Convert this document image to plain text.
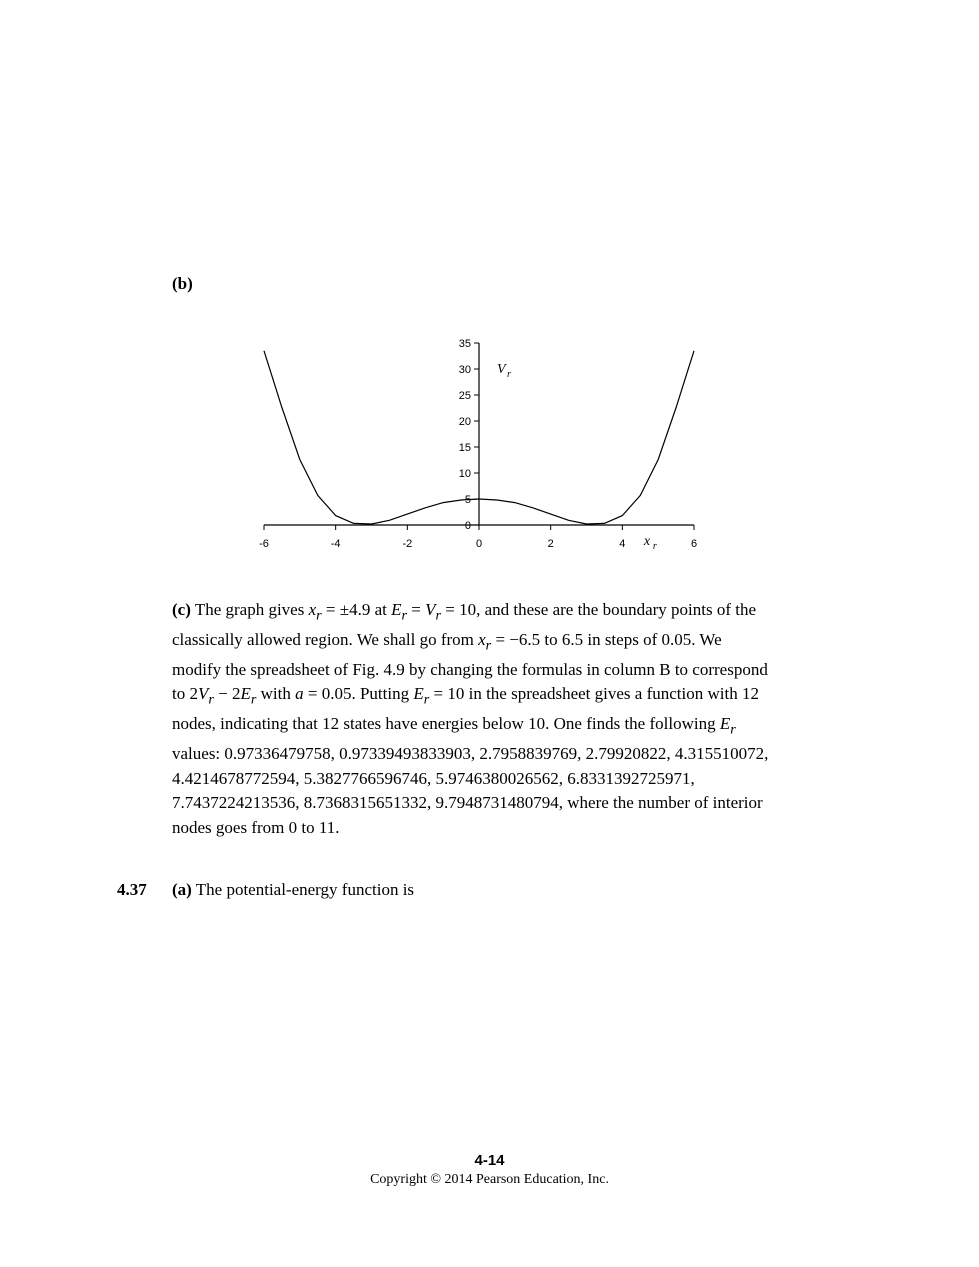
(b)
-6	-4	-2	0	2	4	6
0
5
10
15
20
25
30
35
V r
x r
(c) The graph gives $x_r = \pm 4.9$ at $E_r = V_r = 10$, and these are the boundary points of the
classically allowed region. We shall go from $x_r = -6.5$ to 6.5 in steps of 0.05. We
modify the spreadsheet of Fig. 4.9 by changing the formulas in column B to correspond
to $2V_r - 2E_r$ with a = 0.05. Putting $E_r = 10$ in the spreadsheet gives a function with 12
nodes, indicating that 12 states have energies below 10. One finds the following $E_r$
values: 0.97336479758, 0.97339493833903, 2.7958839769, 2.79920822, 4.315510072,
4.4214678772594, 5.3827766596746, 5.9746380026562, 6.8331392725971,
7.7437224213536, 8.7368315651332, 9.7948731480794, where the number of interior
nodes goes from 0 to 11.
4.37 (a) The potential-energy function is
4-14
Copyright © 2014 Pearson Education, Inc.
